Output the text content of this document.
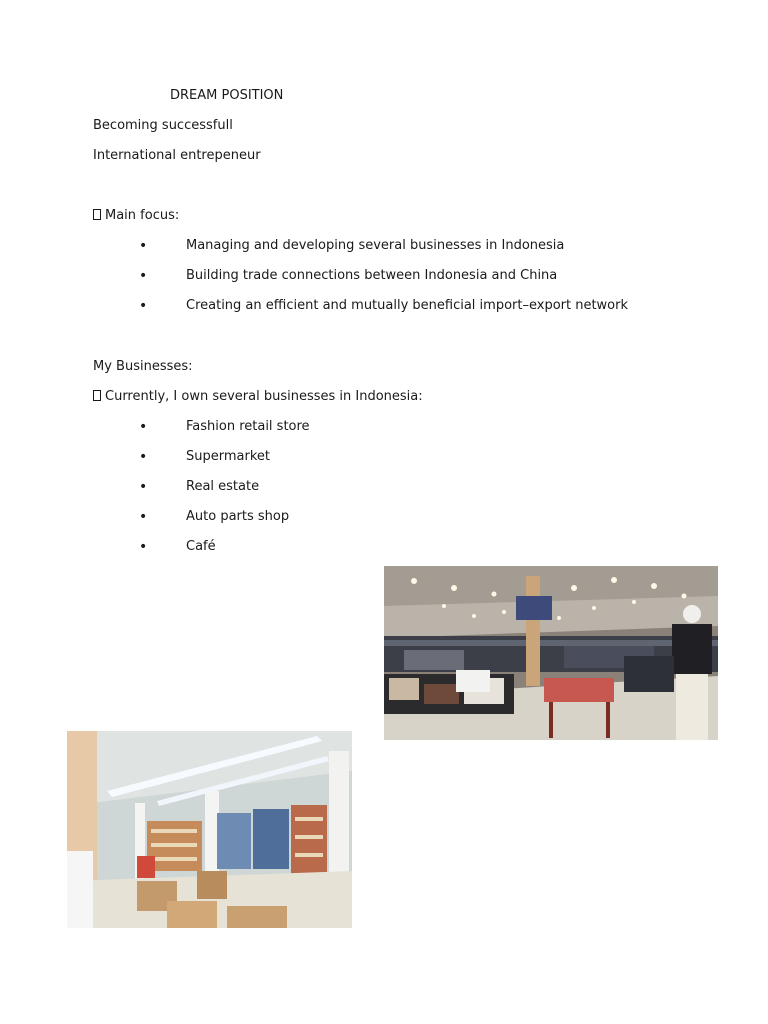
DREAM POSITION
Becoming successfull
International entrepeneur
Main focus:
•	Managing and developing several businesses in Indonesia
•	Building trade connections between Indonesia and China
•	Creating an efficient and mutually beneficial import–export network
My Businesses:
Currently, I own several businesses in Indonesia:
•	Fashion retail store
•	Supermarket
•	Real estate
•	Auto parts shop
•	Café
